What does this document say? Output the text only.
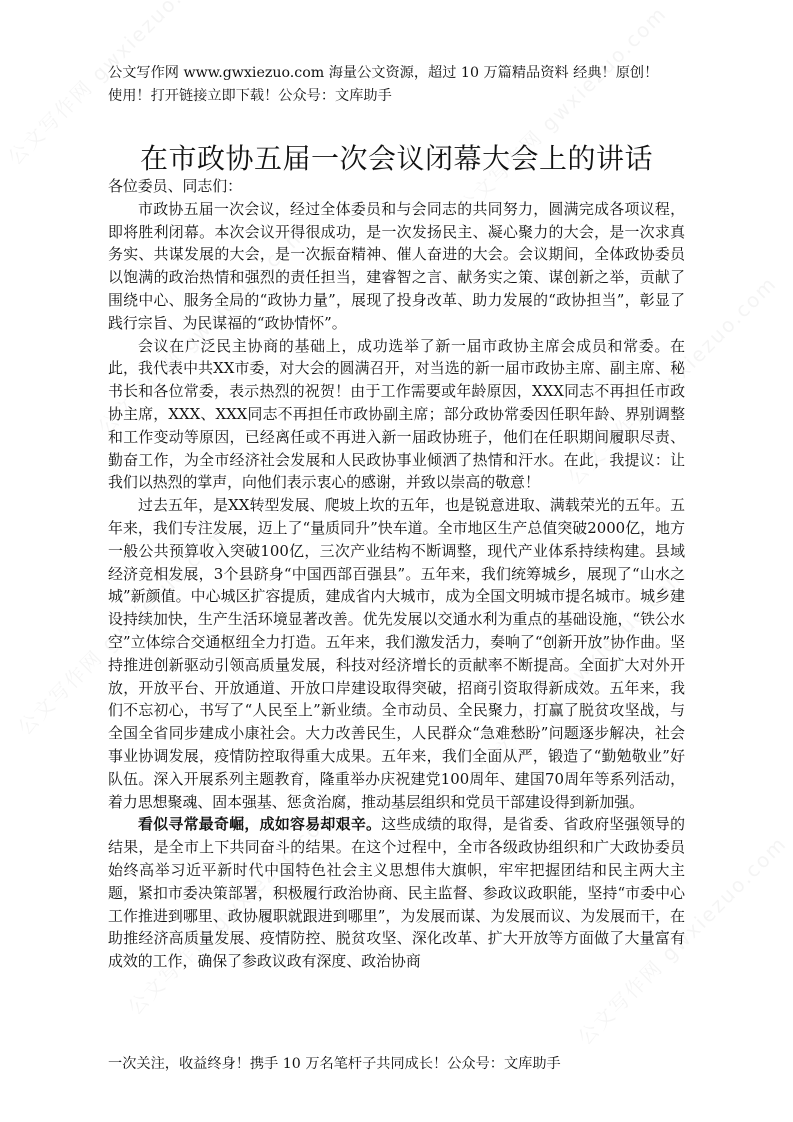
公文写作网 www.gwxiezuo.com 海量公文资源，超过 10 万篇精品资料 经典！原创！
使用！打开链接立即下载！公众号：文库助手
在市政协五届一次会议闭幕大会上的讲话

各位委员、同志们：

市政协五届一次会议，经过全体委员和与会同志的共同努力，圆满完成各项议程，即将胜利闭幕。本次会议开得很成功，是一次发扬民主、凝心聚力的大会，是一次求真务实、共谋发展的大会，是一次振奋精神、催人奋进的大会。会议期间，全体政协委员以饱满的政治热情和强烈的责任担当，建睿智之言、献务实之策、谋创新之举，贡献了围绕中心、服务全局的“政协力量”，展现了投身改革、助力发展的“政协担当”，彰显了践行宗旨、为民谋福的“政协情怀”。

会议在广泛民主协商的基础上，成功选举了新一届市政协主席会成员和常委。在此，我代表中共XX市委，对大会的圆满召开，对当选的新一届市政协主席、副主席、秘书长和各位常委，表示热烈的祝贺！由于工作需要或年龄原因，XXX同志不再担任市政协主席，XXX、XXX同志不再担任市政协副主席；部分政协常委因任职年龄、界别调整和工作变动等原因，已经离任或不再进入新一届政协班子，他们在任职期间履职尽责、勤奋工作，为全市经济社会发展和人民政协事业倾洒了热情和汗水。在此，我提议：让我们以热烈的掌声，向他们表示衷心的感谢，并致以崇高的敬意！

过去五年，是XX转型发展、爬坡上坎的五年，也是锐意进取、满载荣光的五年。五年来，我们专注发展，迈上了“量质同升”快车道。全市地区生产总值突破2000亿，地方一般公共预算收入突破100亿，三次产业结构不断调整，现代产业体系持续构建。县域经济竞相发展，3个县跻身“中国西部百强县”。五年来，我们统筹城乡，展现了“山水之城”新颜值。中心城区扩容提质，建成省内大城市，成为全国文明城市提名城市。城乡建设持续加快，生产生活环境显著改善。优先发展以交通水利为重点的基础设施，“铁公水空”立体综合交通枢纽全力打造。五年来，我们激发活力，奏响了“创新开放”协作曲。坚持推进创新驱动引领高质量发展，科技对经济增长的贡献率不断提高。全面扩大对外开放，开放平台、开放通道、开放口岸建设取得突破，招商引资取得新成效。五年来，我们不忘初心，书写了“人民至上”新业绩。全市动员、全民聚力，打赢了脱贫攻坚战，与全国全省同步建成小康社会。大力改善民生，人民群众“急难愁盼”问题逐步解决，社会事业协调发展，疫情防控取得重大成果。五年来，我们全面从严，锻造了“勤勉敬业”好队伍。深入开展系列主题教育，隆重举办庆祝建党100周年、建国70周年等系列活动，着力思想聚魂、固本强基、惩贪治腐，推动基层组织和党员干部建设得到新加强。

看似寻常最奇崛，成如容易却艰辛。这些成绩的取得，是省委、省政府坚强领导的结果，是全市上下共同奋斗的结果。在这个过程中，全市各级政协组织和广大政协委员始终高举习近平新时代中国特色社会主义思想伟大旗帜，牢牢把握团结和民主两大主题，紧扣市委决策部署，积极履行政治协商、民主监督、参政议政职能，坚持“市委中心工作推进到哪里、政协履职就跟进到哪里”，为发展而谋、为发展而议、为发展而干，在助推经济高质量发展、疫情防控、脱贫攻坚、深化改革、扩大开放等方面做了大量富有成效的工作，确保了参政议政有深度、政治协商

一次关注，收益终身！携手 10 万名笔杆子共同成长！公众号：文库助手
